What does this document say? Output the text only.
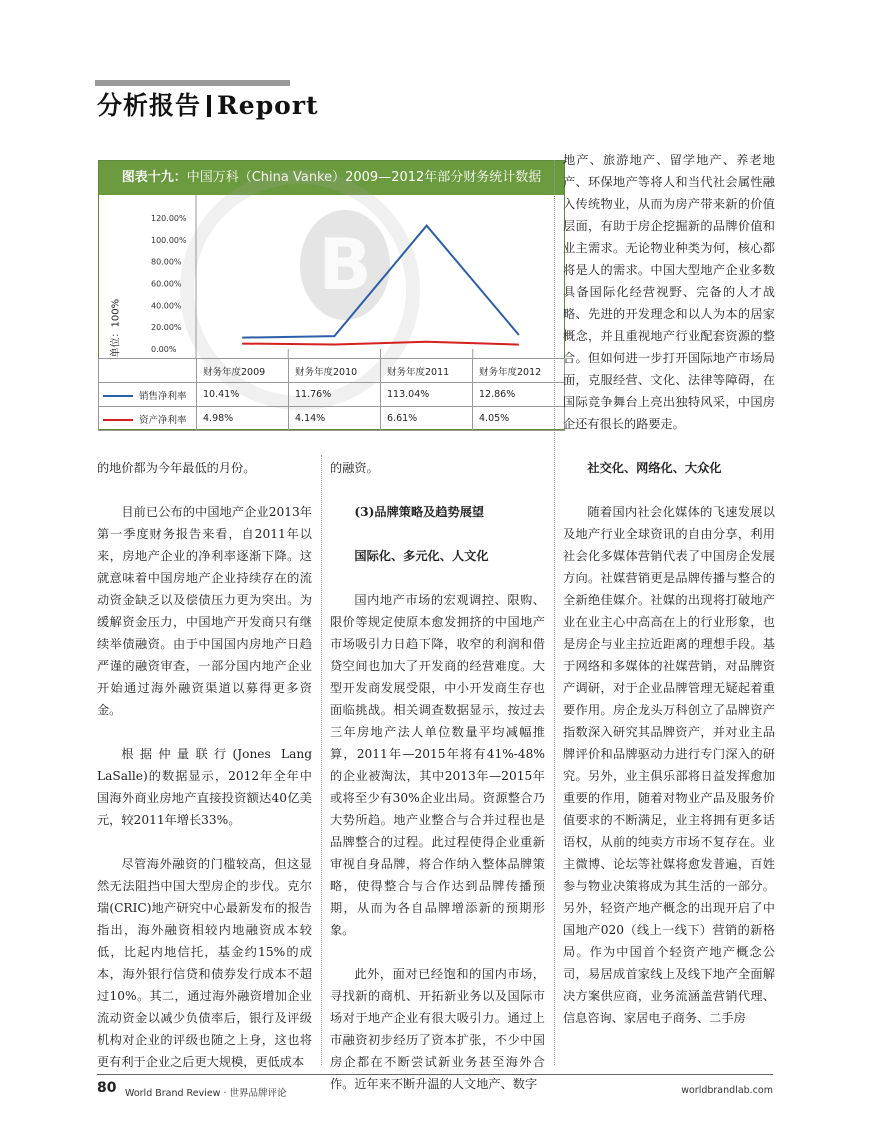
分析报告 Report
图表十九：中国万科（China Vanke）2009—2012年部分财务统计数据
B
单位：100%	0.00%
20.00%
40.00%
60.00%
80.00%
100.00%
120.00%
	财务年度2009	财务年度2010	财务年度2011	财务年度2012
销售净利率	10.41%	11.76%	113.04%	12.86%
资产净利率	4.98%	4.14%	6.61%	4.05%

的地价都为今年最低的月份。

目前已公布的中国地产企业2013年第一季度财务报告来看，自2011年以来，房地产企业的净利率逐渐下降。这就意味着中国房地产企业持续存在的流动资金缺乏以及偿债压力更为突出。为缓解资金压力，中国地产开发商只有继续举债融资。由于中国国内房地产日趋严谨的融资审查，一部分国内地产企业开始通过海外融资渠道以募得更多资金。

根据仲量联行(Jones Lang LaSalle)的数据显示，2012年全年中国海外商业房地产直接投资额达40亿美元，较2011年增长33%。

尽管海外融资的门槛较高，但这显然无法阻挡中国大型房企的步伐。克尔瑞(CRIC)地产研究中心最新发布的报告指出，海外融资相较内地融资成本较低，比起内地信托，基金约15%的成本，海外银行信贷和债券发行成本不超过10%。其二，通过海外融资增加企业流动资金以减少负债率后，银行及评级机构对企业的评级也随之上身，这也将更有利于企业之后更大规模，更低成本

的融资。

(3)品牌策略及趋势展望
国际化、多元化、人文化

国内地产市场的宏观调控、限购、限价等规定使原本愈发拥挤的中国地产市场吸引力日趋下降，收窄的利润和借贷空间也加大了开发商的经营难度。大型开发商发展受限，中小开发商生存也面临挑战。相关调查数据显示，按过去三年房地产法人单位数量平均减幅推算，2011年—2015年将有41%-48%的企业被淘汰，其中2013年—2015年或将至少有30%企业出局。资源整合乃大势所趋。地产业整合与合并过程也是品牌整合的过程。此过程使得企业重新审视自身品牌，将合作纳入整体品牌策略，使得整合与合作达到品牌传播预期，从而为各自品牌增添新的预期形象。

此外，面对已经饱和的国内市场，寻找新的商机、开拓新业务以及国际市场对于地产企业有很大吸引力。通过上市融资初步经历了资本扩张，不少中国房企都在不断尝试新业务甚至海外合作。近年来不断升温的人文地产、数字

地产、旅游地产、留学地产、养老地产、环保地产等将人和当代社会属性融入传统物业，从而为房产带来新的价值层面，有助于房企挖掘新的品牌价值和业主需求。无论物业种类为何，核心都将是人的需求。中国大型地产企业多数具备国际化经营视野、完备的人才战略、先进的开发理念和以人为本的居家概念，并且重视地产行业配套资源的整合。但如何进一步打开国际地产市场局面，克服经营、文化、法律等障碍，在国际竞争舞台上亮出独特风采，中国房企还有很长的路要走。

社交化、网络化、大众化

随着国内社会化媒体的飞速发展以及地产行业全球资讯的自由分享，利用社会化多媒体营销代表了中国房企发展方向。社媒营销更是品牌传播与整合的全新绝佳媒介。社媒的出现将打破地产业在业主心中高高在上的行业形象，也是房企与业主拉近距离的理想手段。基于网络和多媒体的社媒营销，对品牌资产调研，对于企业品牌管理无疑起着重要作用。房企龙头万科创立了品牌资产指数深入研究其品牌资产，并对业主品牌评价和品牌驱动力进行专门深入的研究。另外，业主俱乐部将日益发挥愈加重要的作用，随着对物业产品及服务价值要求的不断满足，业主将拥有更多话语权，从前的纯卖方市场不复存在。业主微博、论坛等社媒将愈发普遍，百姓参与物业决策将成为其生活的一部分。另外，轻资产地产概念的出现开启了中国地产020（线上一线下）营销的新格局。作为中国首个轻资产地产概念公司，易居成首家线上及线下地产全面解决方案供应商，业务流涵盖营销代理、信息咨询、家居电子商务、二手房

80 World Brand Review · 世界品牌评论	worldbrandlab.com
